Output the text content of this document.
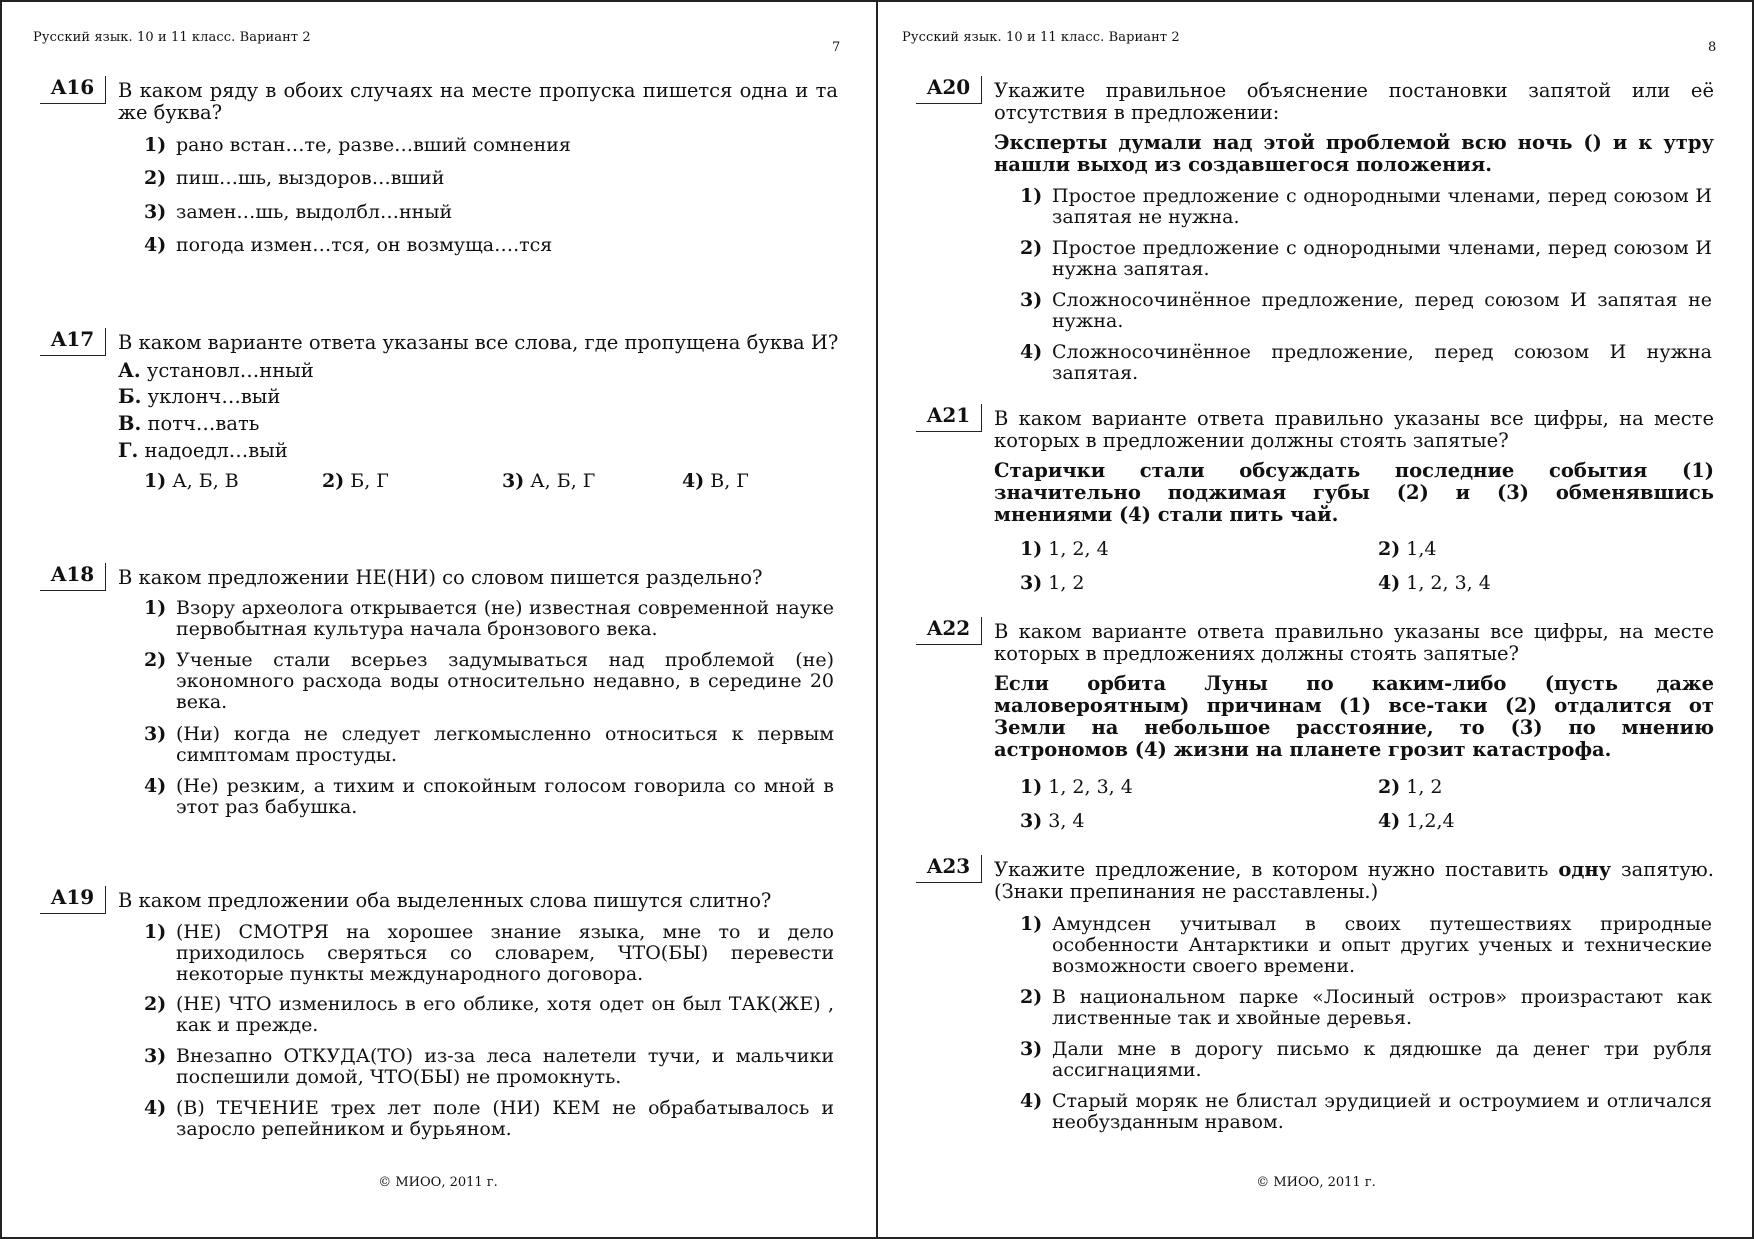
Русский язык. 10 и 11 класс. Вариант 2
7
A16	В каком ряду в обоих случаях на месте пропуска пишется одна и та же буква?
1) рано встан…те, разве…вший сомнения
2) пиш…шь, выздоров…вший
3) замен…шь, выдолбл…нный
4) погода измен…тся, он возмуща….тся
A17	В каком варианте ответа указаны все слова, где пропущена буква И?
А. установл…нный
Б. уклонч…вый
В. потч…вать
Г. надоедл…вый
1) А, Б, В	2) Б, Г	3) А, Б, Г	4) В, Г
A18	В каком предложении НЕ(НИ) со словом пишется раздельно?
1) Взору археолога открывается (не) известная современной науке первобытная культура начала бронзового века.
2) Ученые стали всерьез задумываться над проблемой (не) экономного расхода воды относительно недавно, в середине 20 века.
3) (Ни) когда не следует легкомысленно относиться к первым симптомам простуды.
4) (Не) резким, а тихим и спокойным голосом говорила со мной в этот раз бабушка.
A19	В каком предложении оба выделенных слова пишутся слитно?
1) (НЕ) СМОТРЯ на хорошее знание языка, мне то и дело приходилось сверяться со словарем, ЧТО(БЫ) перевести некоторые пункты международного договора.
2) (НЕ) ЧТО изменилось в его облике, хотя одет он был ТАК(ЖЕ) , как и прежде.
3) Внезапно ОТКУДА(ТО) из-за леса налетели тучи, и мальчики поспешили домой, ЧТО(БЫ) не промокнуть.
4) (В) ТЕЧЕНИЕ трех лет поле (НИ) КЕМ не обрабатывалось и заросло репейником и бурьяном.
© МИОО, 2011 г.
Русский язык. 10 и 11 класс. Вариант 2
8
A20	Укажите правильное объяснение постановки запятой или её отсутствия в предложении:
Эксперты думали над этой проблемой всю ночь () и к утру нашли выход из создавшегося положения.
1) Простое предложение с однородными членами, перед союзом И запятая не нужна.
2) Простое предложение с однородными членами, перед союзом И нужна запятая.
3) Сложносочинённое предложение, перед союзом И запятая не нужна.
4) Сложносочинённое предложение, перед союзом И нужна запятая.
A21	В каком варианте ответа правильно указаны все цифры, на месте которых в предложении должны стоять запятые?
Старички стали обсуждать последние события (1) значительно поджимая губы (2) и (3) обменявшись мнениями (4) стали пить чай.
1) 1, 2, 4	2) 1,4
3) 1, 2	4) 1, 2, 3, 4
A22	В каком варианте ответа правильно указаны все цифры, на месте которых в предложениях должны стоять запятые?
Если орбита Луны по каким-либо (пусть даже маловероятным) причинам (1) все-таки (2) отдалится от Земли на небольшое расстояние, то (3) по мнению астрономов (4) жизни на планете грозит катастрофа.
1) 1, 2, 3, 4	2) 1, 2
3) 3, 4	4) 1,2,4
A23	Укажите предложение, в котором нужно поставить одну запятую. (Знаки препинания не расставлены.)
1) Амундсен учитывал в своих путешествиях природные особенности Антарктики и опыт других ученых и технические возможности своего времени.
2) В национальном парке «Лосиный остров» произрастают как лиственные так и хвойные деревья.
3) Дали мне в дорогу письмо к дядюшке да денег три рубля ассигнациями.
4) Старый моряк не блистал эрудицией и остроумием и отличался необузданным нравом.
© МИОО, 2011 г.
